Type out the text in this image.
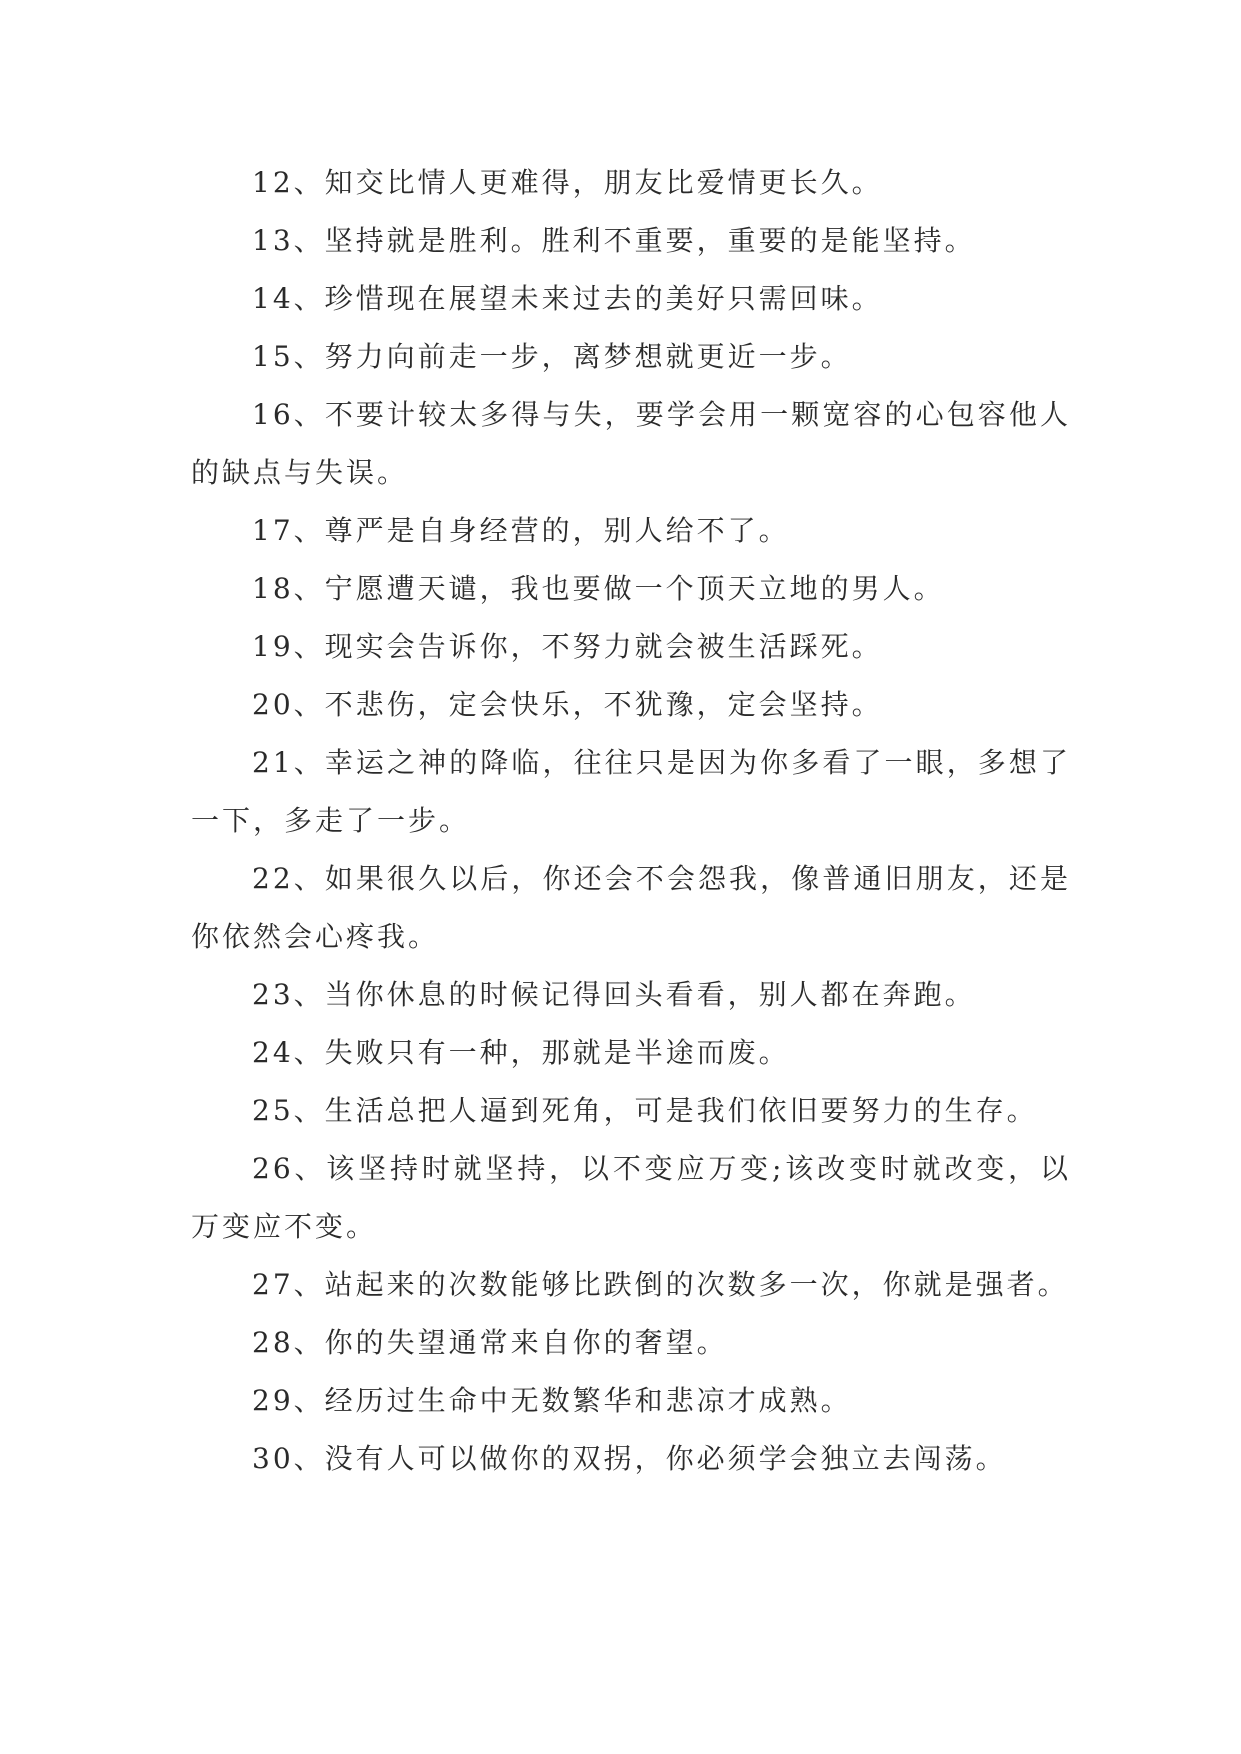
12、知交比情人更难得，朋友比爱情更长久。

13、坚持就是胜利。胜利不重要，重要的是能坚持。

14、珍惜现在展望未来过去的美好只需回味。

15、努力向前走一步，离梦想就更近一步。

16、不要计较太多得与失，要学会用一颗宽容的心包容他人的缺点与失误。

17、尊严是自身经营的，别人给不了。

18、宁愿遭天谴，我也要做一个顶天立地的男人。

19、现实会告诉你，不努力就会被生活踩死。

20、不悲伤，定会快乐，不犹豫，定会坚持。

21、幸运之神的降临，往往只是因为你多看了一眼，多想了一下，多走了一步。

22、如果很久以后，你还会不会怨我，像普通旧朋友，还是你依然会心疼我。

23、当你休息的时候记得回头看看，别人都在奔跑。

24、失败只有一种，那就是半途而废。

25、生活总把人逼到死角，可是我们依旧要努力的生存。

26、该坚持时就坚持，以不变应万变;该改变时就改变，以万变应不变。

27、站起来的次数能够比跌倒的次数多一次，你就是强者。

28、你的失望通常来自你的奢望。

29、经历过生命中无数繁华和悲凉才成熟。

30、没有人可以做你的双拐，你必须学会独立去闯荡。
